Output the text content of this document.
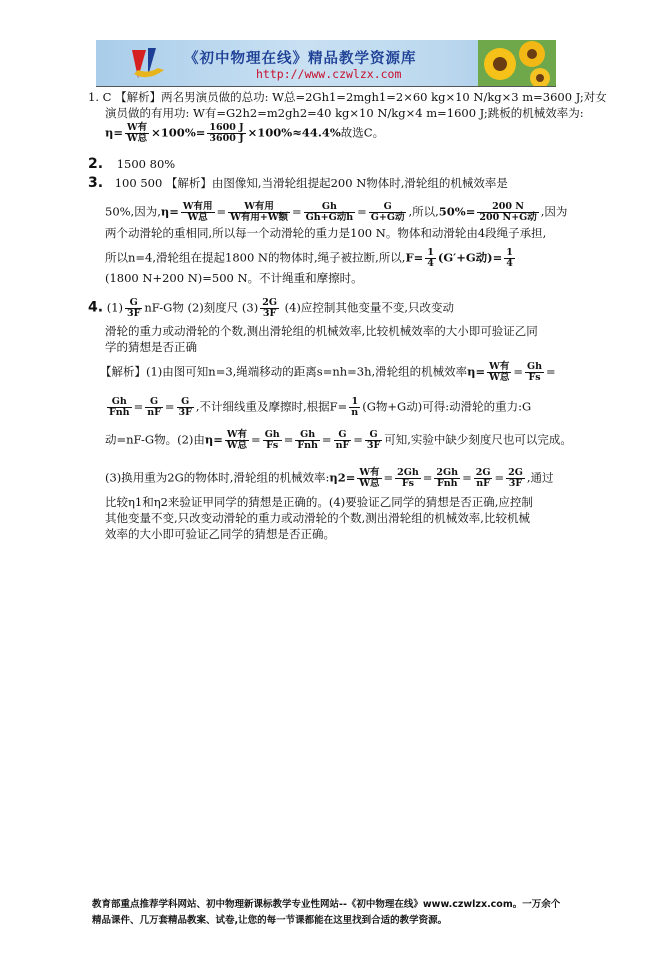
《初中物理在线》精品教学资源库
http://www.czwlzx.com
1. C 【解析】两名男演员做的总功: W总=2Gh1=2mgh1=2×60 kg×10 N/kg×3 m=3600 J;对女
演员做的有用功: W有=G2h2=m2gh2=40 kg×10 N/kg×4 m=1600 J;跳板的机械效率为:
$\eta= \frac{\text{W有}}{\text{W总}} \times 100\%= \frac{1600 J}{3600 J} \times 100\%\approx 44.4\%$故选C。
2. 1500 80%
3. 100 500 【解析】由图像知,当滑轮组提起200 N物体时,滑轮组的机械效率是
50%,因为$,\eta= \frac{\text{W有用}}{\text{W总}} = \frac{\text{W有用}}{\text{W有用+W额}} = \frac{Gh}{\text{Gh+G动h}} = \frac{G}{\text{G+G动}}$ ,所以$,50\%= \frac{200 N}{\text{200 N+G动}}$ ,因为
两个动滑轮的重相同,所以每一个动滑轮的重力是100 N。物体和动滑轮由4段绳子承担,
所以n=4,滑轮组在提起1800 N的物体时,绳子被拉断,所以$,F= \frac{1}{4} (G'+G$动)= $\frac{1}{4}$
(1800 N+200 N)=500 N。不计绳重和摩擦时。
4. $(1) \frac{G}{3F} nF-G$物 (2)刻度尺 $(3) \frac{2G}{3F} (4)$应控制其他变量不变,只改变动
滑轮的重力或动滑轮的个数,测出滑轮组的机械效率,比较机械效率的大小即可验证乙同
学的猜想是否正确
【解析】(1)由图可知n=3,绳端移动的距离s=nh=3h,滑轮组的机械效率$\eta= \frac{\text{W有}}{\text{W总}} = \frac{Gh}{Fs}$ =
$\frac{Gh}{\text{Fnh}} = \frac{G}{nF} = \frac{G}{3F}$ ,不计细线重及摩擦时,根据$F= \frac{1}{n} (G$物+G动)可得:动滑轮的重力:G
动=nF-G物。(2)由$\eta= \frac{\text{W有}}{\text{W总}} = \frac{Gh}{Fs} = \frac{Gh}{\text{Fnh}} = \frac{G}{nF} = \frac{G}{3F}$ 可知,实验中缺少刻度尺也可以完成。
(3)换用重为2G的物体时,滑轮组的机械效率:η2= $\frac{\text{W有}}{\text{W总}} = \frac{2Gh}{Fs} = \frac{2Gh}{\text{Fnh}} = \frac{2G}{nF} = \frac{2G}{3F}$ ,通过
比较η1和η2来验证甲同学的猜想是正确的。(4)要验证乙同学的猜想是否正确,应控制
其他变量不变,只改变动滑轮的重力或动滑轮的个数,测出滑轮组的机械效率,比较机械
效率的大小即可验证乙同学的猜想是否正确。
教育部重点推荐学科网站、初中物理新课标教学专业性网站--《初中物理在线》www.czwlzx.com。一万余个
精品课件、几万套精品教案、试卷,让您的每一节课都能在这里找到合适的教学资源。
